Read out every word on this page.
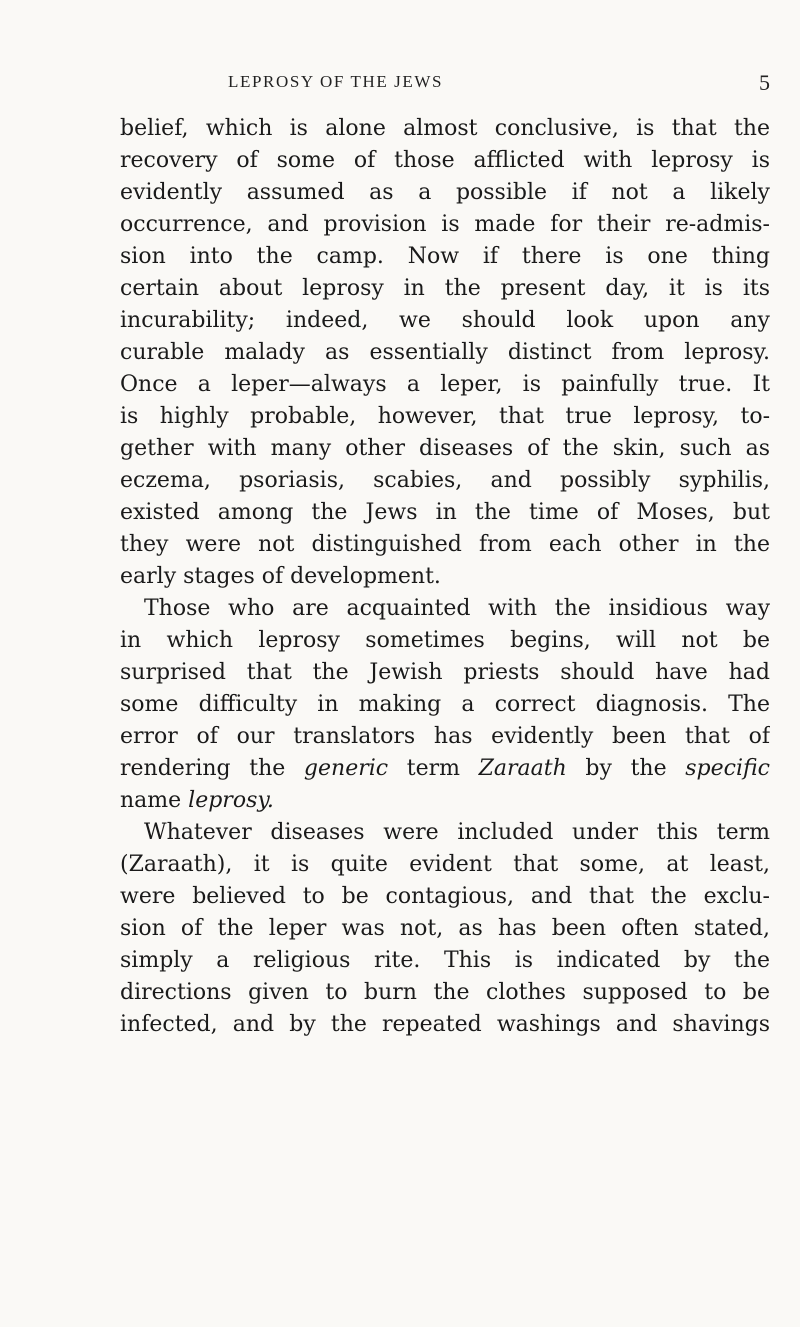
LEPROSY OF THE JEWS	5
belief, which is alone almost conclusive, is that the
recovery of some of those afflicted with leprosy is
evidently assumed as a possible if not a likely
occurrence, and provision is made for their re-admis-
sion into the camp. Now if there is one thing
certain about leprosy in the present day, it is its
incurability; indeed, we should look upon any
curable malady as essentially distinct from leprosy.
Once a leper—always a leper, is painfully true. It
is highly probable, however, that true leprosy, to-
gether with many other diseases of the skin, such as
eczema, psoriasis, scabies, and possibly syphilis,
existed among the Jews in the time of Moses, but
they were not distinguished from each other in the
early stages of development.
Those who are acquainted with the insidious way
in which leprosy sometimes begins, will not be
surprised that the Jewish priests should have had
some difficulty in making a correct diagnosis. The
error of our translators has evidently been that of
rendering the generic term Zaraath by the specific
name leprosy.
Whatever diseases were included under this term
(Zaraath), it is quite evident that some, at least,
were believed to be contagious, and that the exclu-
sion of the leper was not, as has been often stated,
simply a religious rite. This is indicated by the
directions given to burn the clothes supposed to be
infected, and by the repeated washings and shavings
